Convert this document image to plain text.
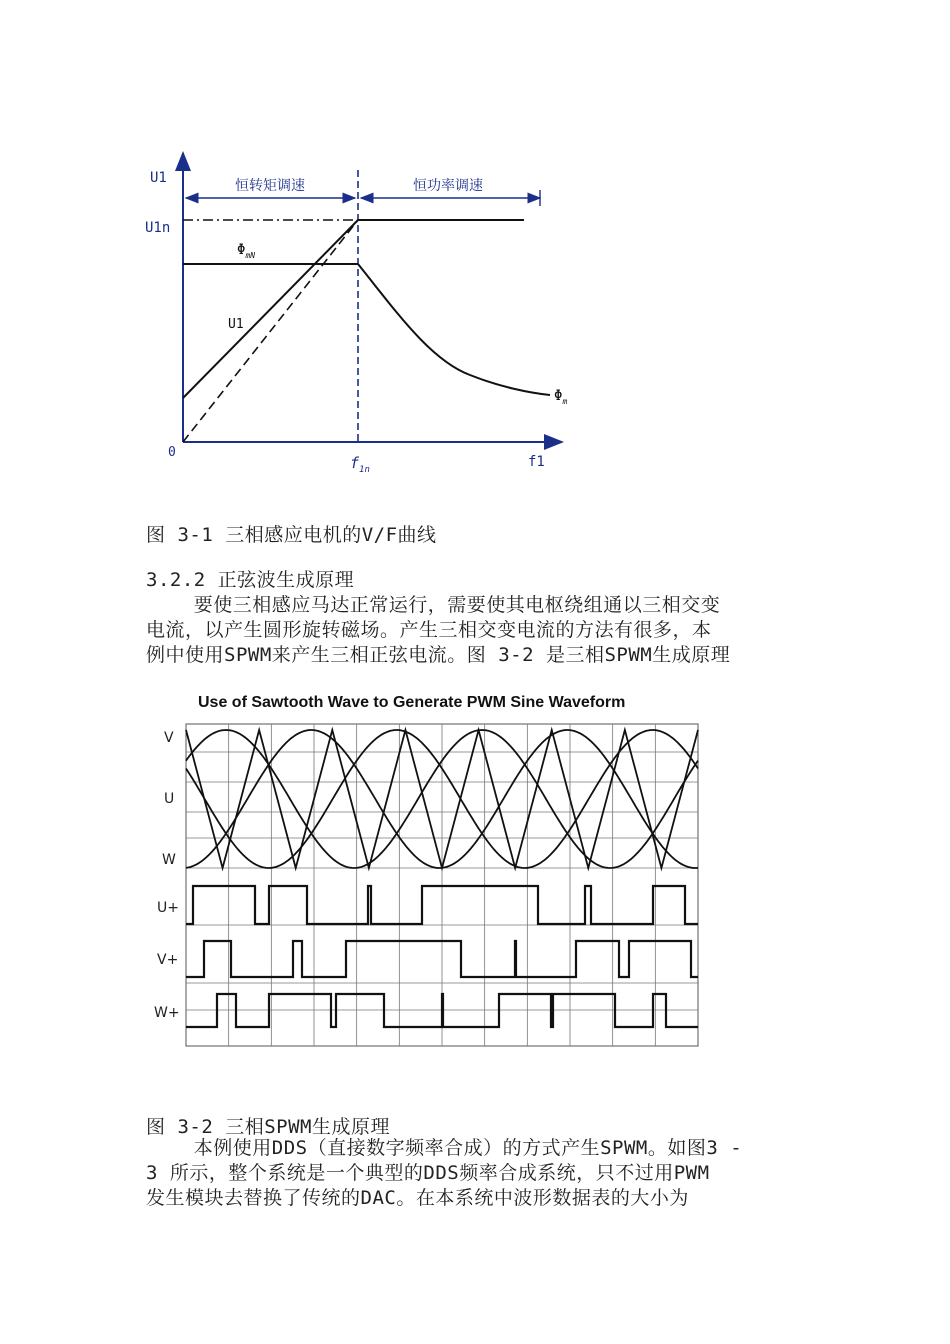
恒转矩调速	恒功率调速
U1
U1n
0
f1
$f_{1n}$
$\Phi_{mN}$
U1
$\Phi_m$
图 3-1 三相感应电机的V/F曲线

3.2.2 正弦波生成原理

要使三相感应马达正常运行，需要使其电枢绕组通以三相交变

电流，以产生圆形旋转磁场。产生三相交变电流的方法有很多，本

例中使用SPWM来产生三相正弦电流。图 3-2 是三相SPWM生成原理

Use of Sawtooth Wave to Generate PWM Sine Waveform
V
U
W
U+
V+
W+
图 3-2 三相SPWM生成原理

本例使用DDS（直接数字频率合成）的方式产生SPWM。如图3 -

3 所示，整个系统是一个典型的DDS频率合成系统，只不过用PWM

发生模块去替换了传统的DAC。在本系统中波形数据表的大小为
